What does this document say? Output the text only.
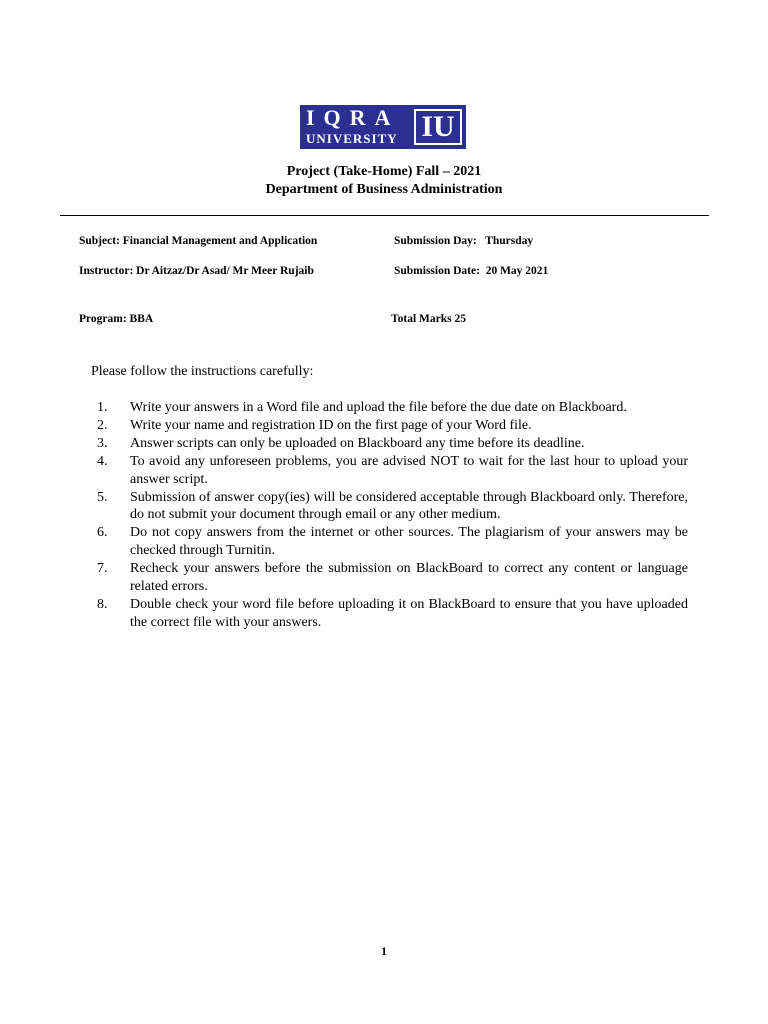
IQRA
UNIVERSITY IU
Project (Take-Home) Fall – 2021
Department of Business Administration
Subject: Financial Management and Application	Submission Day:   Thursday
Instructor: Dr Aitzaz/Dr Asad/ Mr Meer Rujaib	Submission Date:  20 May 2021
Program: BBA	Total Marks 25
Please follow the instructions carefully:
1. Write your answers in a Word file and upload the file before the due date on Blackboard.
2. Write your name and registration ID on the first page of your Word file.
3. Answer scripts can only be uploaded on Blackboard any time before its deadline.
4. To avoid any unforeseen problems, you are advised NOT to wait for the last hour to upload your answer script.
5. Submission of answer copy(ies) will be considered acceptable through Blackboard only. Therefore, do not submit your document through email or any other medium.
6. Do not copy answers from the internet or other sources. The plagiarism of your answers may be checked through Turnitin.
7. Recheck your answers before the submission on BlackBoard to correct any content or language related errors.
8. Double check your word file before uploading it on BlackBoard to ensure that you have uploaded the correct file with your answers.
1
